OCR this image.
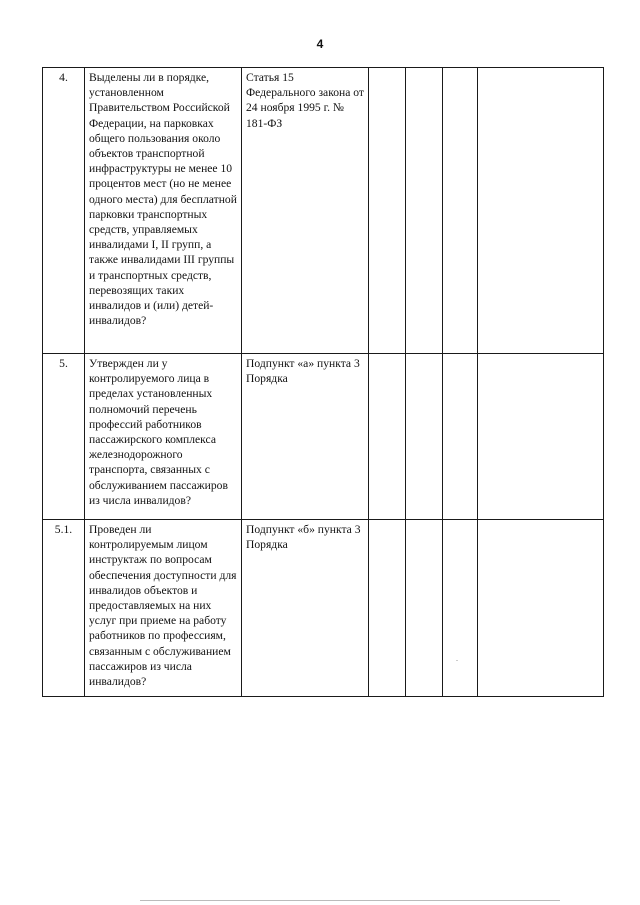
4
4.	Выделены ли в порядке, установленном Правительством Российской Федерации, на парковках общего пользования около объектов транспортной инфраструктуры не менее 10 процентов мест (но не менее одного места) для бесплатной парковки транспортных средств, управляемых инвалидами I, II групп, а также инвалидами III группы и транспортных средств, перевозящих таких инвалидов и (или) детей-инвалидов?	Статья 15 Федерального закона от 24 ноября 1995 г. № 181-ФЗ				
5.	Утвержден ли у контролируемого лица в пределах установленных полномочий перечень профессий работников пассажирского комплекса железнодорожного транспорта, связанных с обслуживанием пассажиров из числа инвалидов?	Подпункт «а» пункта 3 Порядка				
5.1.	Проведен ли контролируемым лицом инструктаж по вопросам обеспечения доступности для инвалидов объектов и предоставляемых на них услуг при приеме на работу работников по профессиям, связанным с обслуживанием пассажиров из числа инвалидов?	Подпункт «б» пункта 3 Порядка				
